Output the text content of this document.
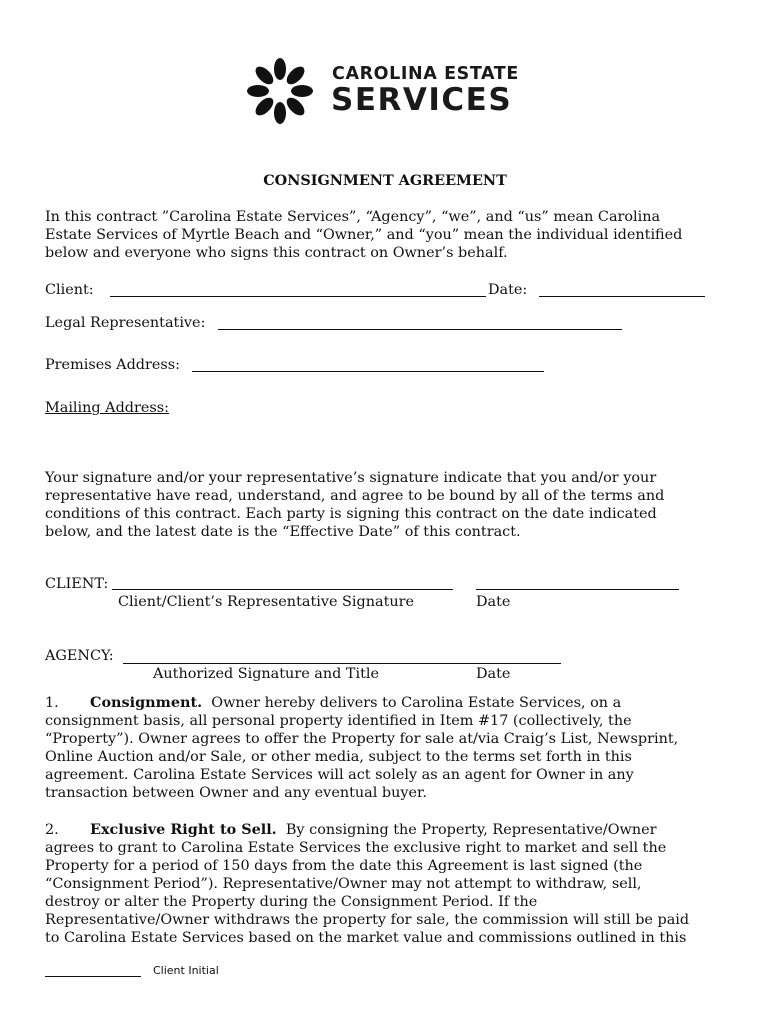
CAROLINA ESTATE
SERVICES
CONSIGNMENT AGREEMENT

In this contract ”Carolina Estate Services”, “Agency”, “we”, and “us” mean Carolina

Estate Services of Myrtle Beach and “Owner,” and “you” mean the individual identified

below and everyone who signs this contract on Owner’s behalf.

Client:	Date:
Legal Representative:
Premises Address:
Mailing Address:

Your signature and/or your representative’s signature indicate that you and/or your

representative have read, understand, and agree to be bound by all of the terms and

conditions of this contract. Each party is signing this contract on the date indicated

below, and the latest date is the “Effective Date” of this contract.

CLIENT:
Client/Client’s Representative Signature	Date
AGENCY:
Authorized Signature and Title	Date

1. Consignment.  Owner hereby delivers to Carolina Estate Services, on a

consignment basis, all personal property identified in Item #17 (collectively, the

“Property”). Owner agrees to offer the Property for sale at/via Craig’s List, Newsprint,

Online Auction and/or Sale, or other media, subject to the terms set forth in this

agreement. Carolina Estate Services will act solely as an agent for Owner in any

transaction between Owner and any eventual buyer.

2. Exclusive Right to Sell.  By consigning the Property, Representative/Owner

agrees to grant to Carolina Estate Services the exclusive right to market and sell the

Property for a period of 150 days from the date this Agreement is last signed (the

“Consignment Period”). Representative/Owner may not attempt to withdraw, sell,

destroy or alter the Property during the Consignment Period. If the

Representative/Owner withdraws the property for sale, the commission will still be paid

to Carolina Estate Services based on the market value and commissions outlined in this

Client Initial
